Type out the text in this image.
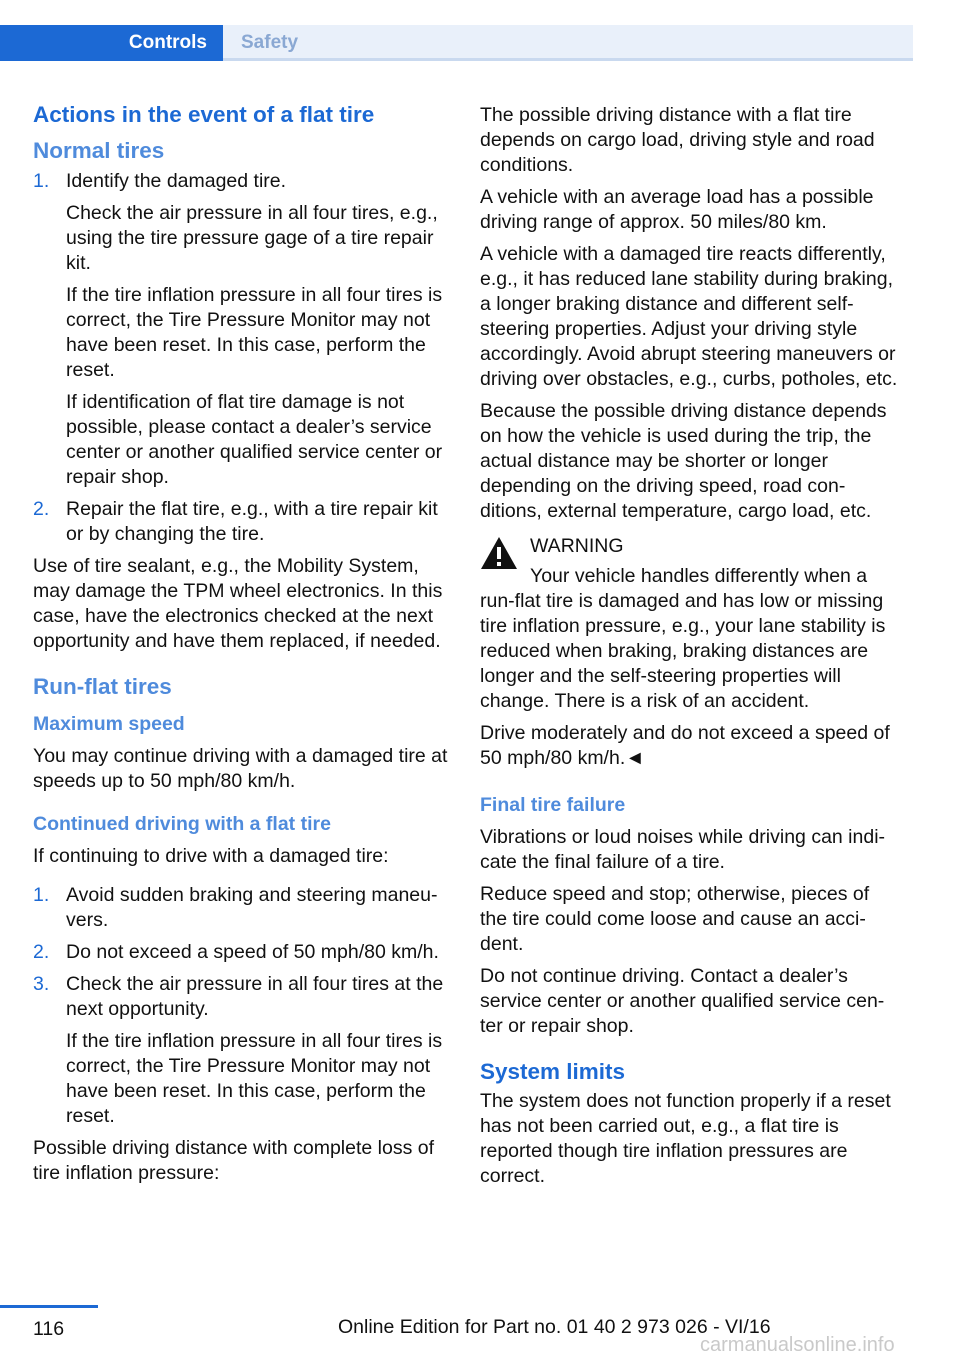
Controls	Safety
Actions in the event of a flat tire
Normal tires
1. Identify the damaged tire.

Check the air pressure in all four tires, e.g., using the tire pressure gage of a tire repair kit.

If the tire inflation pressure in all four tires is correct, the Tire Pressure Monitor may not have been reset. In this case, perform the reset.

If identification of flat tire damage is not possible, please contact a dealer’s service center or another qualified service center or repair shop.

2. Repair the flat tire, e.g., with a tire repair kit or by changing the tire.

Use of tire sealant, e.g., the Mobility System, may damage the TPM wheel electronics. In this case, have the electronics checked at the next opportunity and have them replaced, if needed.

Run-flat tires
Maximum speed

You may continue driving with a damaged tire at speeds up to 50 mph/80 km/h.

Continued driving with a flat tire

If continuing to drive with a damaged tire:

1. Avoid sudden braking and steering maneuvers.

2. Do not exceed a speed of 50 mph/80 km/h.

3. Check the air pressure in all four tires at the next opportunity.

If the tire inflation pressure in all four tires is correct, the Tire Pressure Monitor may not have been reset. In this case, perform the reset.

Possible driving distance with complete loss of tire inflation pressure:

The possible driving distance with a flat tire depends on cargo load, driving style and road conditions.

A vehicle with an average load has a possible driving range of approx. 50 miles/80 km.

A vehicle with a damaged tire reacts differently, e.g., it has reduced lane stability during braking, a longer braking distance and different self-steering properties. Adjust your driving style accordingly. Avoid abrupt steering maneuvers or driving over obstacles, e.g., curbs, potholes, etc.

Because the possible driving distance depends on how the vehicle is used during the trip, the actual distance may be shorter or longer depending on the driving speed, road conditions, external temperature, cargo load, etc.

WARNING

Your vehicle handles differently when a run-flat tire is damaged and has low or missing tire inflation pressure, e.g., your lane stability is reduced when braking, braking distances are longer and the self-steering properties will change. There is a risk of an accident.

Drive moderately and do not exceed a speed of 50 mph/80 km/h.◄

Final tire failure

Vibrations or loud noises while driving can indicate the final failure of a tire.

Reduce speed and stop; otherwise, pieces of the tire could come loose and cause an accident.

Do not continue driving. Contact a dealer’s service center or another qualified service center or repair shop.

System limits

The system does not function properly if a reset has not been carried out, e.g., a flat tire is reported though tire inflation pressures are correct.

116	Online Edition for Part no. 01 40 2 973 026 - VI/16
carmanualsonline.info
